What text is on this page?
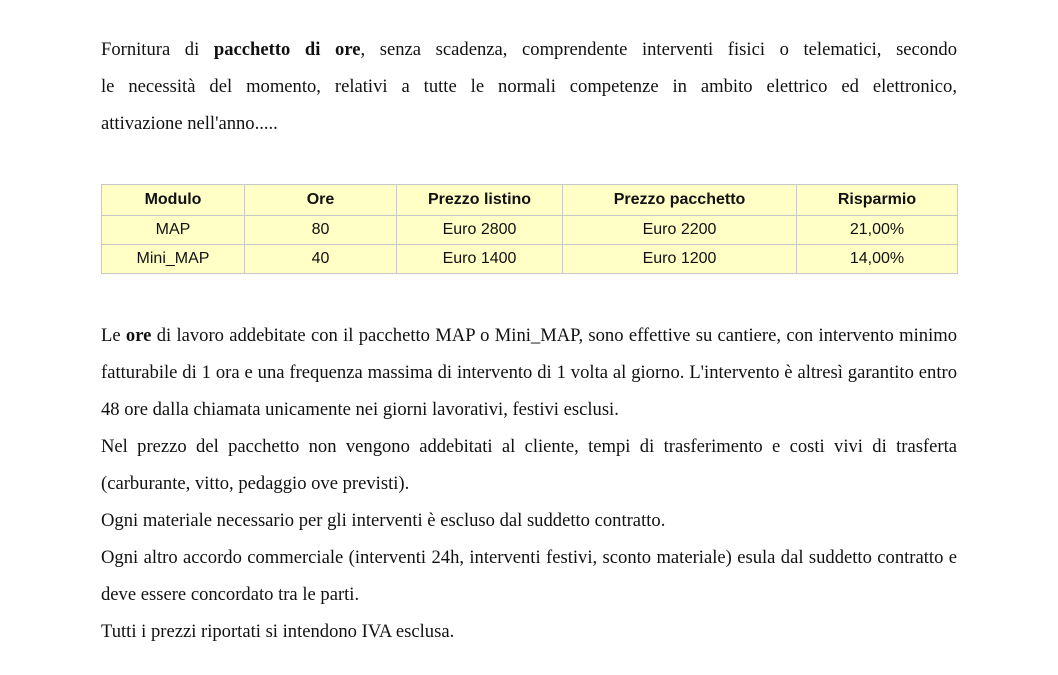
Fornitura di pacchetto di ore, senza scadenza, comprendente interventi fisici o telematici, secondo

le necessità del momento, relativi a tutte le normali competenze in ambito elettrico ed elettronico,

attivazione nell'anno.....

Modulo	Ore	Prezzo listino	Prezzo pacchetto	Risparmio
MAP	80	Euro 2800	Euro 2200	21,00%
Mini_MAP	40	Euro 1400	Euro 1200	14,00%

Le ore di lavoro addebitate con il pacchetto MAP o Mini_MAP, sono effettive su cantiere, con intervento minimo fatturabile di 1 ora e una frequenza massima di intervento di 1 volta al giorno. L'intervento è altresì garantito entro 48 ore dalla chiamata unicamente nei giorni lavorativi, festivi esclusi.

Nel prezzo del pacchetto non vengono addebitati al cliente, tempi di trasferimento e costi vivi di trasferta (carburante, vitto, pedaggio ove previsti).

Ogni materiale necessario per gli interventi è escluso dal suddetto contratto.

Ogni altro accordo commerciale (interventi 24h, interventi festivi, sconto materiale) esula dal suddetto contratto e deve essere concordato tra le parti.

Tutti i prezzi riportati si intendono IVA esclusa.
